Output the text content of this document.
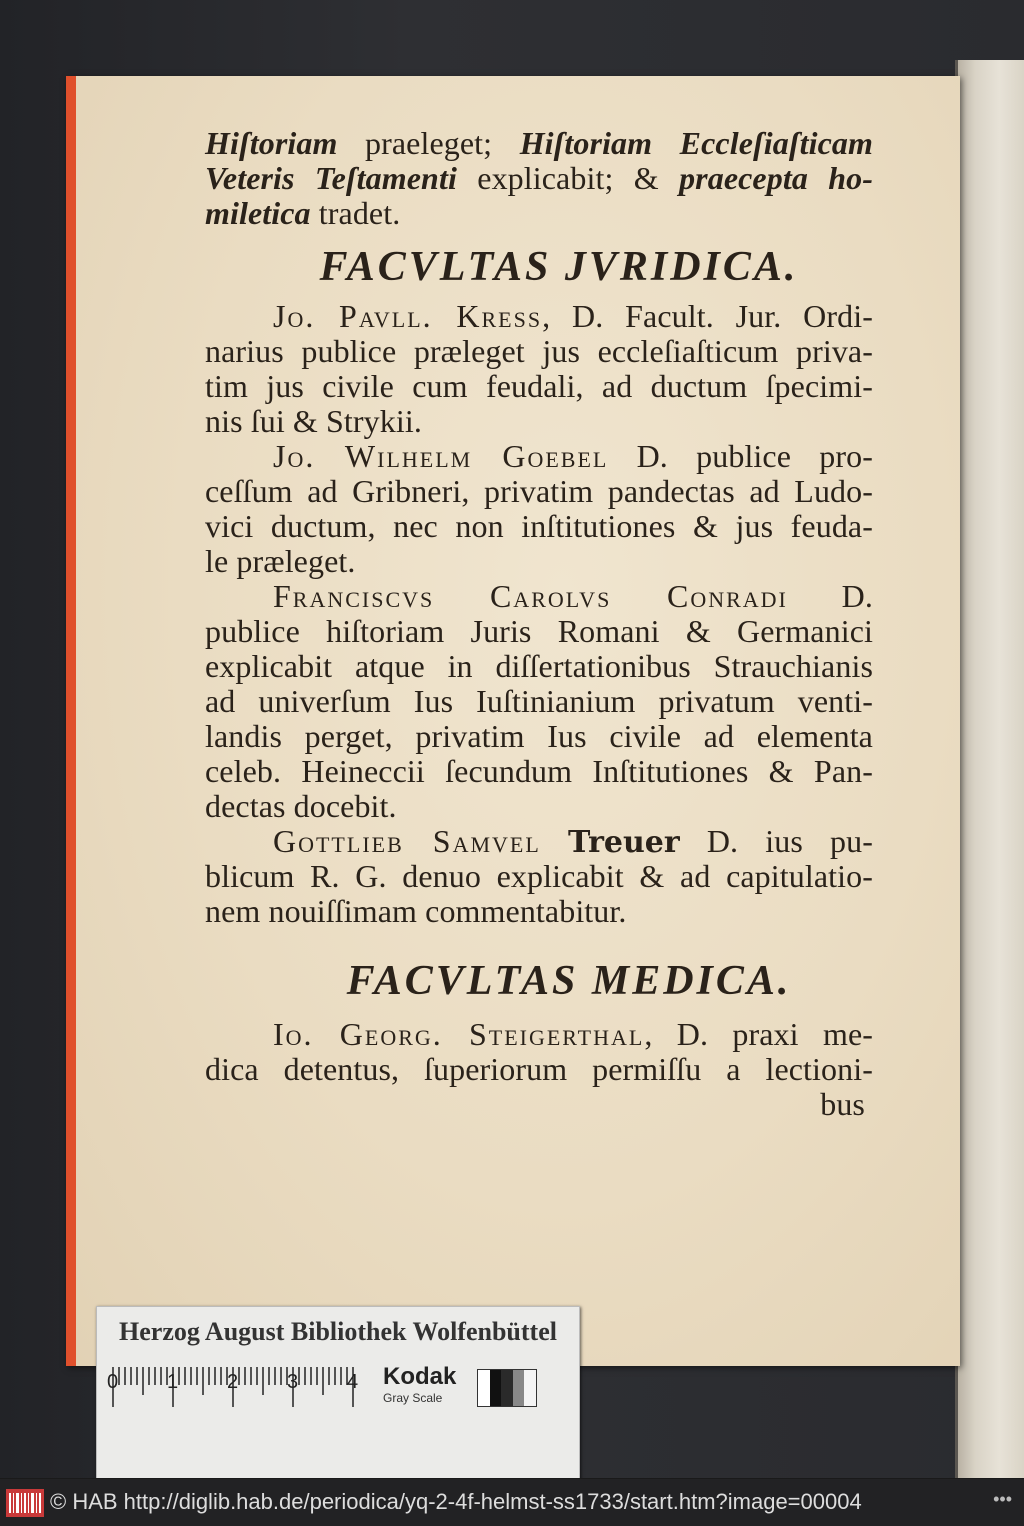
Hiſtoriam praeleget; Hiſtoriam Eccleſiaſticam
Veteris Teſtamenti explicabit; & praecepta ho-
miletica tradet.
FACVLTAS JVRIDICA.
Jo. Pavll. Kress, D. Facult. Jur. Ordi-
narius publice præleget jus eccleſiaſticum priva-
tim jus civile cum feudali, ad ductum ſpecimi-
nis ſui & Strykii.
Jo. Wilhelm Goebel D. publice pro-
ceſſum ad Gribneri, privatim pandectas ad Ludo-
vici ductum, nec non inſtitutiones & jus feuda-
le præleget.
Franciscvs Carolvs Conradi D.
publice hiſtoriam Juris Romani & Germanici
explicabit atque in diſſertationibus Strauchianis
ad univerſum Ius Iuſtinianium privatum venti-
landis perget, privatim Ius civile ad elementa
celeb. Heineccii ſecundum Inſtitutiones & Pan-
dectas docebit.
Gottlieb Samvel Treuer D. ius pu-
blicum R. G. denuo explicabit & ad capitulatio-
nem nouiſſimam commentabitur.
FACVLTAS MEDICA.
Io. Georg. Steigerthal, D. praxi me-
dica detentus, ſuperiorum permiſſu a lectioni-
bus
Herzog August Bibliothek Wolfenbüttel
0 1 2 3 4 Kodak
Gray Scale
© HAB http://diglib.hab.de/periodica/yq-2-4f-helmst-ss1733/start.htm?image=00004	•••
